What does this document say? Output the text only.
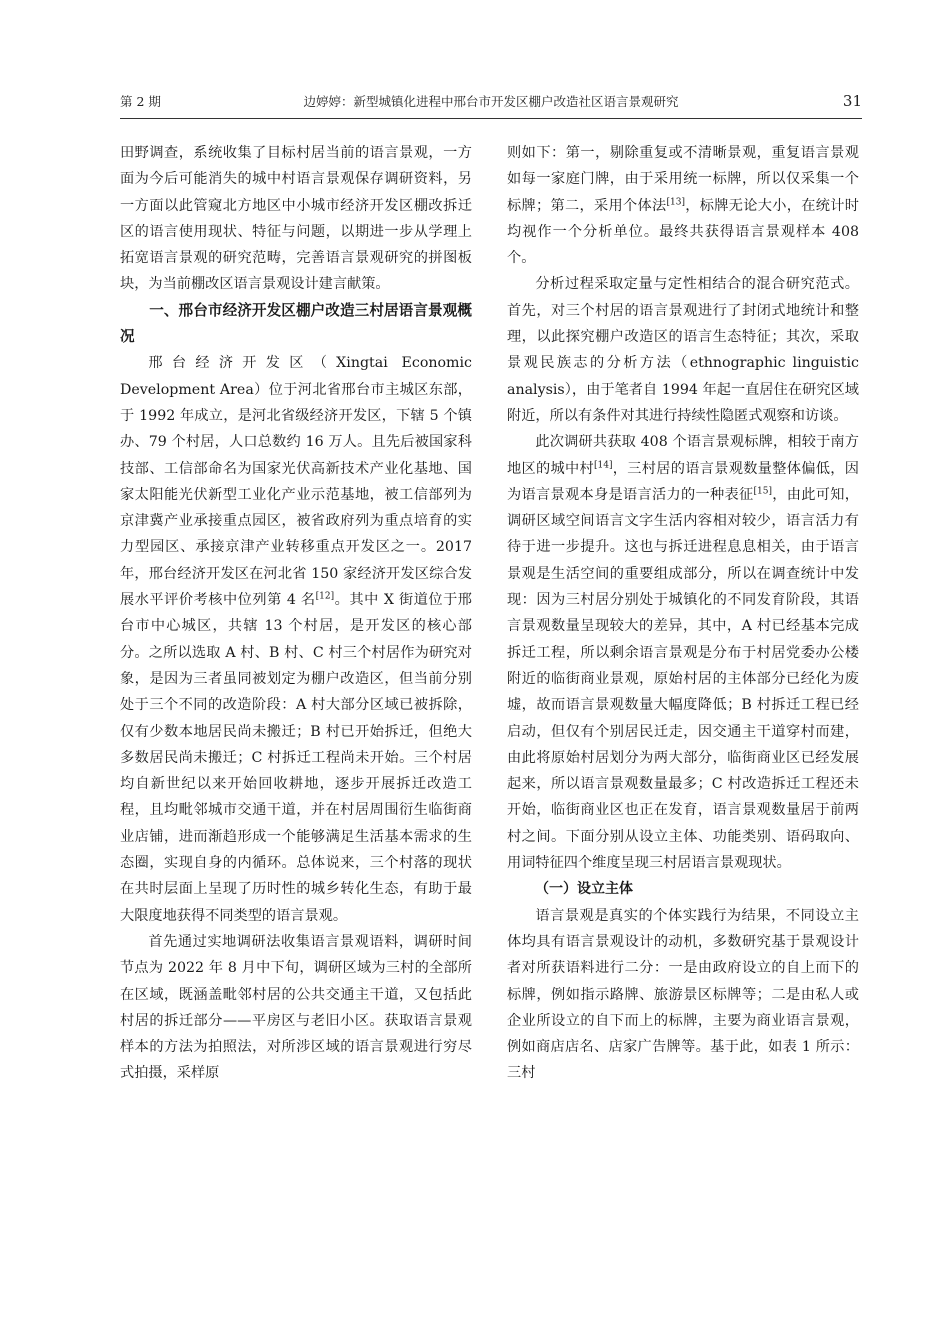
第 2 期	边婷婷：新型城镇化进程中邢台市开发区棚户改造社区语言景观研究	31

田野调查，系统收集了目标村居当前的语言景观，一方面为今后可能消失的城中村语言景观保存调研资料，另一方面以此管窥北方地区中小城市经济开发区棚改拆迁区的语言使用现状、特征与问题，以期进一步从学理上拓宽语言景观的研究范畴，完善语言景观研究的拼图板块，为当前棚改区语言景观设计建言献策。

一、邢台市经济开发区棚户改造三村居语言景观概况

邢台经济开发区（Xingtai Economic Development Area）位于河北省邢台市主城区东部，于 1992 年成立，是河北省级经济开发区，下辖 5 个镇办、79 个村居，人口总数约 16 万人。且先后被国家科技部、工信部命名为国家光伏高新技术产业化基地、国家太阳能光伏新型工业化产业示范基地，被工信部列为京津冀产业承接重点园区，被省政府列为重点培育的实力型园区、承接京津产业转移重点开发区之一。2017 年，邢台经济开发区在河北省 150 家经济开发区综合发展水平评价考核中位列第 4 名[12]。其中 X 街道位于邢台市中心城区，共辖 13 个村居，是开发区的核心部分。之所以选取 A 村、B 村、C 村三个村居作为研究对象，是因为三者虽同被划定为棚户改造区，但当前分别处于三个不同的改造阶段：A 村大部分区域已被拆除，仅有少数本地居民尚未搬迁；B 村已开始拆迁，但绝大多数居民尚未搬迁；C 村拆迁工程尚未开始。三个村居均自新世纪以来开始回收耕地，逐步开展拆迁改造工程，且均毗邻城市交通干道，并在村居周围衍生临街商业店铺，进而渐趋形成一个能够满足生活基本需求的生态圈，实现自身的内循环。总体说来，三个村落的现状在共时层面上呈现了历时性的城乡转化生态，有助于最大限度地获得不同类型的语言景观。

首先通过实地调研法收集语言景观语料，调研时间节点为 2022 年 8 月中下旬，调研区域为三村的全部所在区域，既涵盖毗邻村居的公共交通主干道，又包括此村居的拆迁部分——平房区与老旧小区。获取语言景观样本的方法为拍照法，对所涉区域的语言景观进行穷尽式拍摄，采样原

则如下：第一，剔除重复或不清晰景观，重复语言景观如每一家庭门牌，由于采用统一标牌，所以仅采集一个标牌；第二，采用个体法[13]，标牌无论大小，在统计时均视作一个分析单位。最终共获得语言景观样本 408 个。

分析过程采取定量与定性相结合的混合研究范式。首先，对三个村居的语言景观进行了封闭式地统计和整理，以此探究棚户改造区的语言生态特征；其次，采取景观民族志的分析方法（ethnographic linguistic analysis），由于笔者自 1994 年起一直居住在研究区域附近，所以有条件对其进行持续性隐匿式观察和访谈。

此次调研共获取 408 个语言景观标牌，相较于南方地区的城中村[14]，三村居的语言景观数量整体偏低，因为语言景观本身是语言活力的一种表征[15]，由此可知，调研区域空间语言文字生活内容相对较少，语言活力有待于进一步提升。这也与拆迁进程息息相关，由于语言景观是生活空间的重要组成部分，所以在调查统计中发现：因为三村居分别处于城镇化的不同发育阶段，其语言景观数量呈现较大的差异，其中，A 村已经基本完成拆迁工程，所以剩余语言景观是分布于村居党委办公楼附近的临街商业景观，原始村居的主体部分已经化为废墟，故而语言景观数量大幅度降低；B 村拆迁工程已经启动，但仅有个别居民迁走，因交通主干道穿村而建，由此将原始村居划分为两大部分，临街商业区已经发展起来，所以语言景观数量最多；C 村改造拆迁工程还未开始，临街商业区也正在发育，语言景观数量居于前两村之间。下面分别从设立主体、功能类别、语码取向、用词特征四个维度呈现三村居语言景观现状。

（一）设立主体

语言景观是真实的个体实践行为结果，不同设立主体均具有语言景观设计的动机，多数研究基于景观设计者对所获语料进行二分：一是由政府设立的自上而下的标牌，例如指示路牌、旅游景区标牌等；二是由私人或企业所设立的自下而上的标牌，主要为商业语言景观，例如商店店名、店家广告牌等。基于此，如表 1 所示：三村
